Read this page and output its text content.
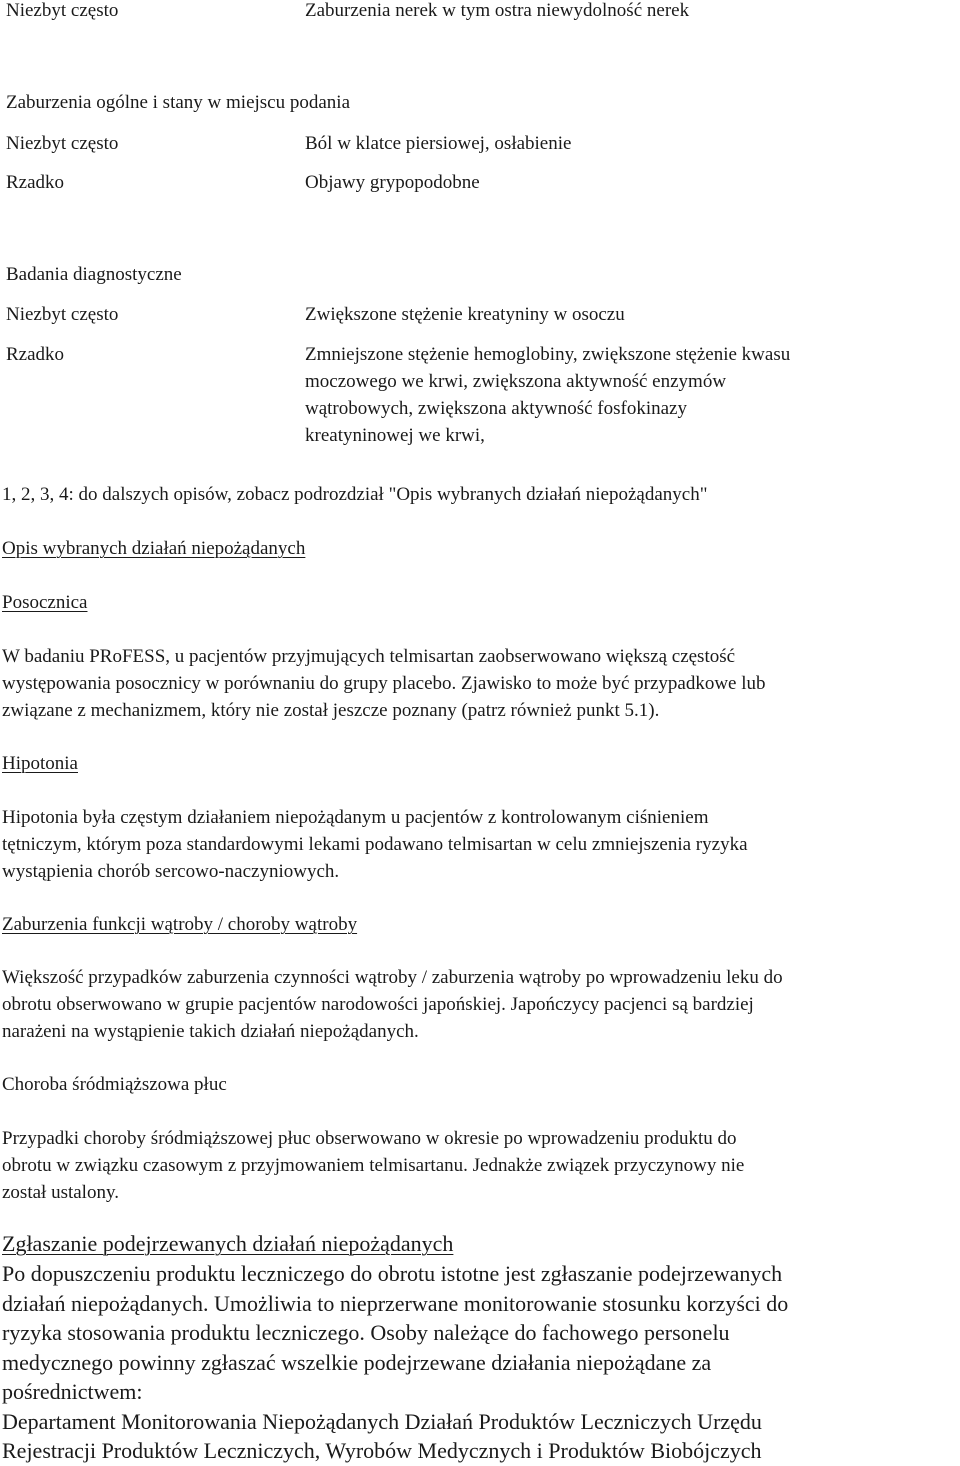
Niezbyt często	Zaburzenia nerek w tym ostra niewydolność nerek
Zaburzenia ogólne i stany w miejscu podania
Niezbyt często	Ból w klatce piersiowej, osłabienie
Rzadko	Objawy grypopodobne
Badania diagnostyczne
Niezbyt często	Zwiększone stężenie kreatyniny w osoczu
Rzadko	Zmniejszone stężenie hemoglobiny, zwiększone stężenie kwasu
moczowego we krwi, zwiększona aktywność enzymów
wątrobowych, zwiększona aktywność fosfokinazy
kreatyninowej we krwi,
1, 2, 3, 4: do dalszych opisów, zobacz podrozdział "Opis wybranych działań niepożądanych"
Opis wybranych działań niepożądanych
Posocznica
W badaniu PRoFESS, u pacjentów przyjmujących telmisartan zaobserwowano większą częstość
występowania posocznicy w porównaniu do grupy placebo. Zjawisko to może być przypadkowe lub
związane z mechanizmem, który nie został jeszcze poznany (patrz również punkt 5.1).
Hipotonia
Hipotonia była częstym działaniem niepożądanym u pacjentów z kontrolowanym ciśnieniem
tętniczym, którym poza standardowymi lekami podawano telmisartan w celu zmniejszenia ryzyka
wystąpienia chorób sercowo-naczyniowych.
Zaburzenia funkcji wątroby / choroby wątroby
Większość przypadków zaburzenia czynności wątroby / zaburzenia wątroby po wprowadzeniu leku do
obrotu obserwowano w grupie pacjentów narodowości japońskiej. Japończycy pacjenci są bardziej
narażeni na wystąpienie takich działań niepożądanych.
Choroba śródmiąższowa płuc
Przypadki choroby śródmiąższowej płuc obserwowano w okresie po wprowadzeniu produktu do
obrotu w związku czasowym z przyjmowaniem telmisartanu. Jednakże związek przyczynowy nie
został ustalony.
Zgłaszanie podejrzewanych działań niepożądanych
Po dopuszczeniu produktu leczniczego do obrotu istotne jest zgłaszanie podejrzewanych
działań niepożądanych. Umożliwia to nieprzerwane monitorowanie stosunku korzyści do
ryzyka stosowania produktu leczniczego. Osoby należące do fachowego personelu
medycznego powinny zgłaszać wszelkie podejrzewane działania niepożądane za
pośrednictwem:
Departament Monitorowania Niepożądanych Działań Produktów Leczniczych Urzędu
Rejestracji Produktów Leczniczych, Wyrobów Medycznych i Produktów Biobójczych
